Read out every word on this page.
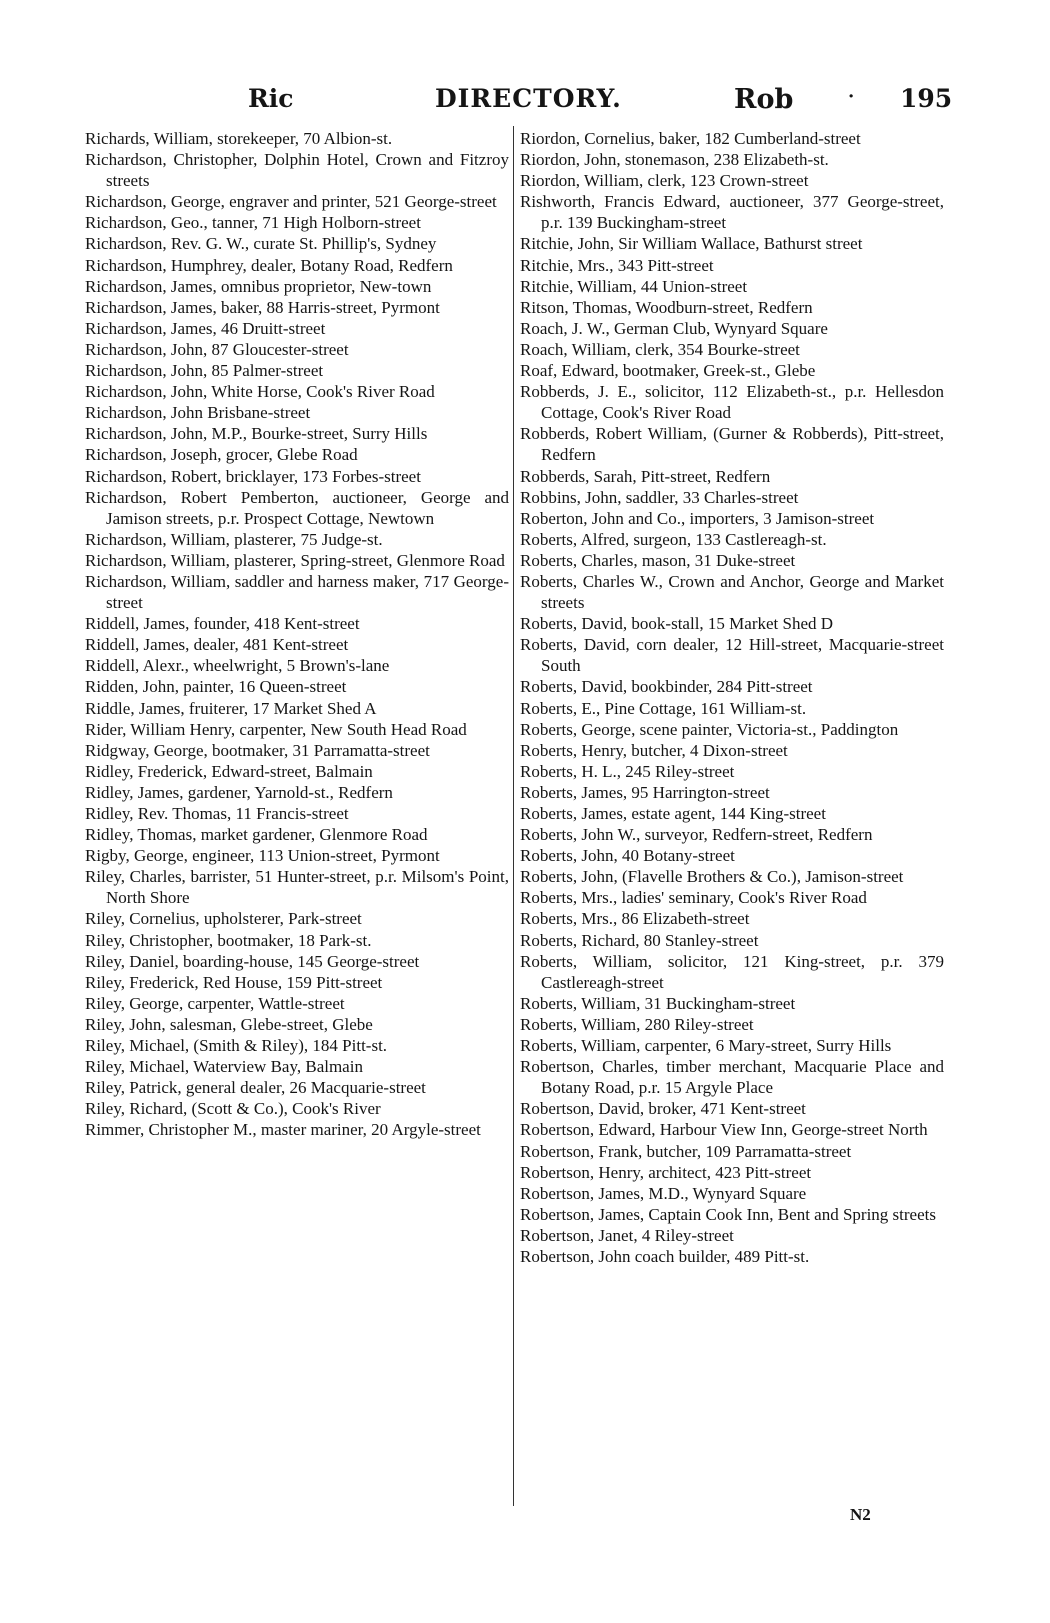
Ric	DIRECTORY.	Rob	· 195

Richards, William, storekeeper, 70 Albion-st.

Richardson, Christopher, Dolphin Hotel, Crown and Fitzroy streets

Richardson, George, engraver and printer, 521 George-street

Richardson, Geo., tanner, 71 High Holborn-street

Richardson, Rev. G. W., curate St. Phillip's, Sydney

Richardson, Humphrey, dealer, Botany Road, Redfern

Richardson, James, omnibus proprietor, New-town

Richardson, James, baker, 88 Harris-street, Pyrmont

Richardson, James, 46 Druitt-street

Richardson, John, 87 Gloucester-street

Richardson, John, 85 Palmer-street

Richardson, John, White Horse, Cook's River Road

Richardson, John Brisbane-street

Richardson, John, M.P., Bourke-street, Surry Hills

Richardson, Joseph, grocer, Glebe Road

Richardson, Robert, bricklayer, 173 Forbes-street

Richardson, Robert Pemberton, auctioneer, George and Jamison streets, p.r. Prospect Cottage, Newtown

Richardson, William, plasterer, 75 Judge-st.

Richardson, William, plasterer, Spring-street, Glenmore Road

Richardson, William, saddler and harness maker, 717 George-street

Riddell, James, founder, 418 Kent-street

Riddell, James, dealer, 481 Kent-street

Riddell, Alexr., wheelwright, 5 Brown's-lane

Ridden, John, painter, 16 Queen-street

Riddle, James, fruiterer, 17 Market Shed A

Rider, William Henry, carpenter, New South Head Road

Ridgway, George, bootmaker, 31 Parramatta-street

Ridley, Frederick, Edward-street, Balmain

Ridley, James, gardener, Yarnold-st., Redfern

Ridley, Rev. Thomas, 11 Francis-street

Ridley, Thomas, market gardener, Glenmore Road

Rigby, George, engineer, 113 Union-street, Pyrmont

Riley, Charles, barrister, 51 Hunter-street, p.r. Milsom's Point, North Shore

Riley, Cornelius, upholsterer, Park-street

Riley, Christopher, bootmaker, 18 Park-st.

Riley, Daniel, boarding-house, 145 George-street

Riley, Frederick, Red House, 159 Pitt-street

Riley, George, carpenter, Wattle-street

Riley, John, salesman, Glebe-street, Glebe

Riley, Michael, (Smith & Riley), 184 Pitt-st.

Riley, Michael, Waterview Bay, Balmain

Riley, Patrick, general dealer, 26 Macquarie-street

Riley, Richard, (Scott & Co.), Cook's River

Rimmer, Christopher M., master mariner, 20 Argyle-street

Riordon, Cornelius, baker, 182 Cumberland-street

Riordon, John, stonemason, 238 Elizabeth-st.

Riordon, William, clerk, 123 Crown-street

Rishworth, Francis Edward, auctioneer, 377 George-street, p.r. 139 Buckingham-street

Ritchie, John, Sir William Wallace, Bathurst street

Ritchie, Mrs., 343 Pitt-street

Ritchie, William, 44 Union-street

Ritson, Thomas, Woodburn-street, Redfern

Roach, J. W., German Club, Wynyard Square

Roach, William, clerk, 354 Bourke-street

Roaf, Edward, bootmaker, Greek-st., Glebe

Robberds, J. E., solicitor, 112 Elizabeth-st., p.r. Hellesdon Cottage, Cook's River Road

Robberds, Robert William, (Gurner & Robberds), Pitt-street, Redfern

Robberds, Sarah, Pitt-street, Redfern

Robbins, John, saddler, 33 Charles-street

Roberton, John and Co., importers, 3 Jamison-street

Roberts, Alfred, surgeon, 133 Castlereagh-st.

Roberts, Charles, mason, 31 Duke-street

Roberts, Charles W., Crown and Anchor, George and Market streets

Roberts, David, book-stall, 15 Market Shed D

Roberts, David, corn dealer, 12 Hill-street, Macquarie-street South

Roberts, David, bookbinder, 284 Pitt-street

Roberts, E., Pine Cottage, 161 William-st.

Roberts, George, scene painter, Victoria-st., Paddington

Roberts, Henry, butcher, 4 Dixon-street

Roberts, H. L., 245 Riley-street

Roberts, James, 95 Harrington-street

Roberts, James, estate agent, 144 King-street

Roberts, John W., surveyor, Redfern-street, Redfern

Roberts, John, 40 Botany-street

Roberts, John, (Flavelle Brothers & Co.), Jamison-street

Roberts, Mrs., ladies' seminary, Cook's River Road

Roberts, Mrs., 86 Elizabeth-street

Roberts, Richard, 80 Stanley-street

Roberts, William, solicitor, 121 King-street, p.r. 379 Castlereagh-street

Roberts, William, 31 Buckingham-street

Roberts, William, 280 Riley-street

Roberts, William, carpenter, 6 Mary-street, Surry Hills

Robertson, Charles, timber merchant, Macquarie Place and Botany Road, p.r. 15 Argyle Place

Robertson, David, broker, 471 Kent-street

Robertson, Edward, Harbour View Inn, George-street North

Robertson, Frank, butcher, 109 Parramatta-street

Robertson, Henry, architect, 423 Pitt-street

Robertson, James, M.D., Wynyard Square

Robertson, James, Captain Cook Inn, Bent and Spring streets

Robertson, Janet, 4 Riley-street

Robertson, John coach builder, 489 Pitt-st.

N2
